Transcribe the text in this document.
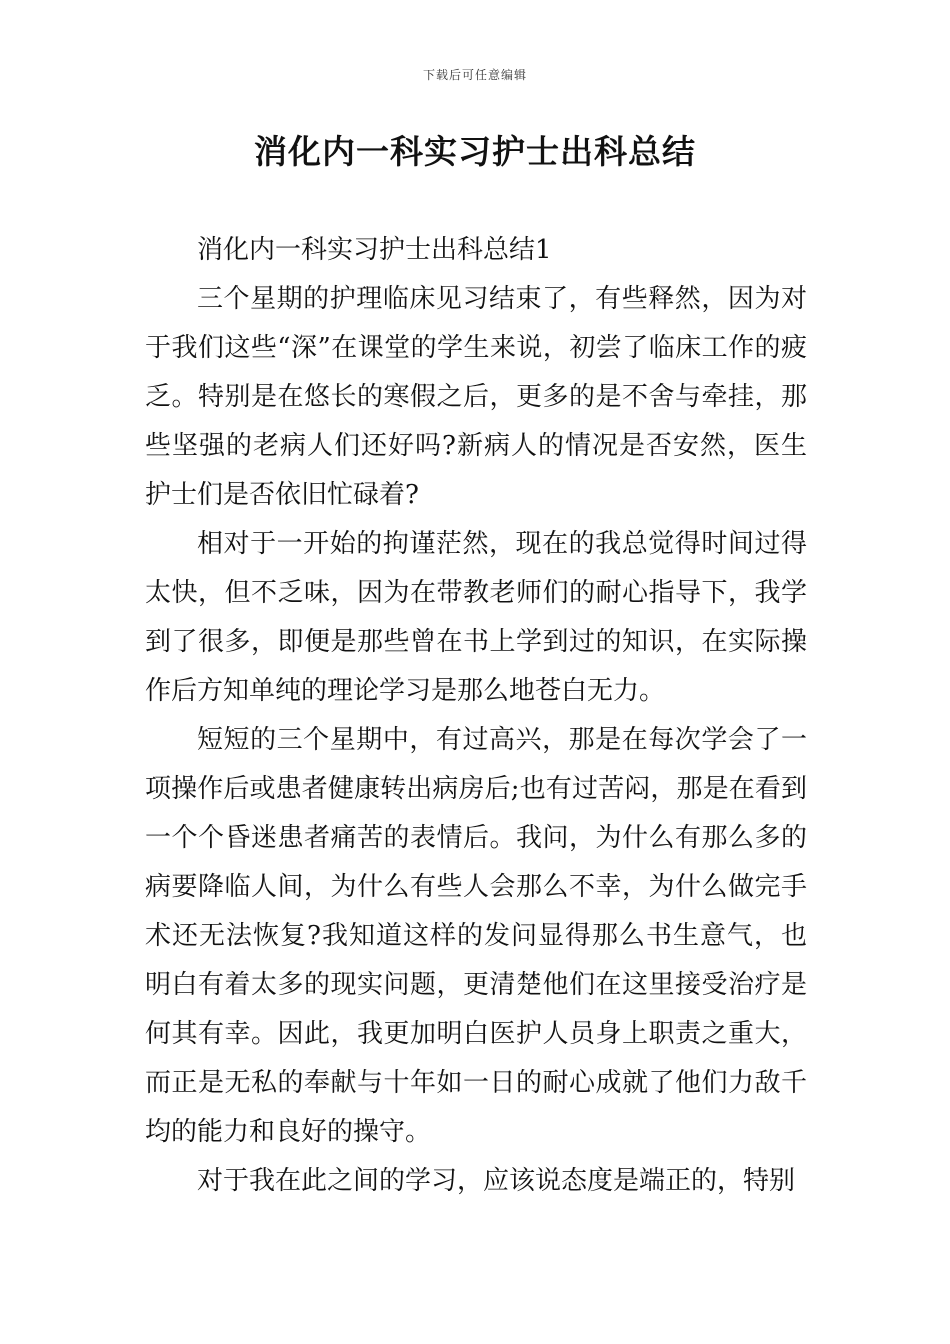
下载后可任意编辑
消化内一科实习护士出科总结

消化内一科实习护士出科总结1

三个星期的护理临床见习结束了，有些释然，因为对于我们这些“深”在课堂的学生来说，初尝了临床工作的疲乏。特别是在悠长的寒假之后，更多的是不舍与牵挂，那些坚强的老病人们还好吗?新病人的情况是否安然，医生护士们是否依旧忙碌着?

相对于一开始的拘谨茫然，现在的我总觉得时间过得太快，但不乏味，因为在带教老师们的耐心指导下，我学到了很多，即便是那些曾在书上学到过的知识，在实际操作后方知单纯的理论学习是那么地苍白无力。

短短的三个星期中，有过高兴，那是在每次学会了一项操作后或患者健康转出病房后;也有过苦闷，那是在看到一个个昏迷患者痛苦的表情后。我问，为什么有那么多的病要降临人间，为什么有些人会那么不幸，为什么做完手术还无法恢复?我知道这样的发问显得那么书生意气，也明白有着太多的现实问题，更清楚他们在这里接受治疗是何其有幸。因此，我更加明白医护人员身上职责之重大，而正是无私的奉献与十年如一日的耐心成就了他们力敌千均的能力和良好的操守。

对于我在此之间的学习，应该说态度是端正的，特别
